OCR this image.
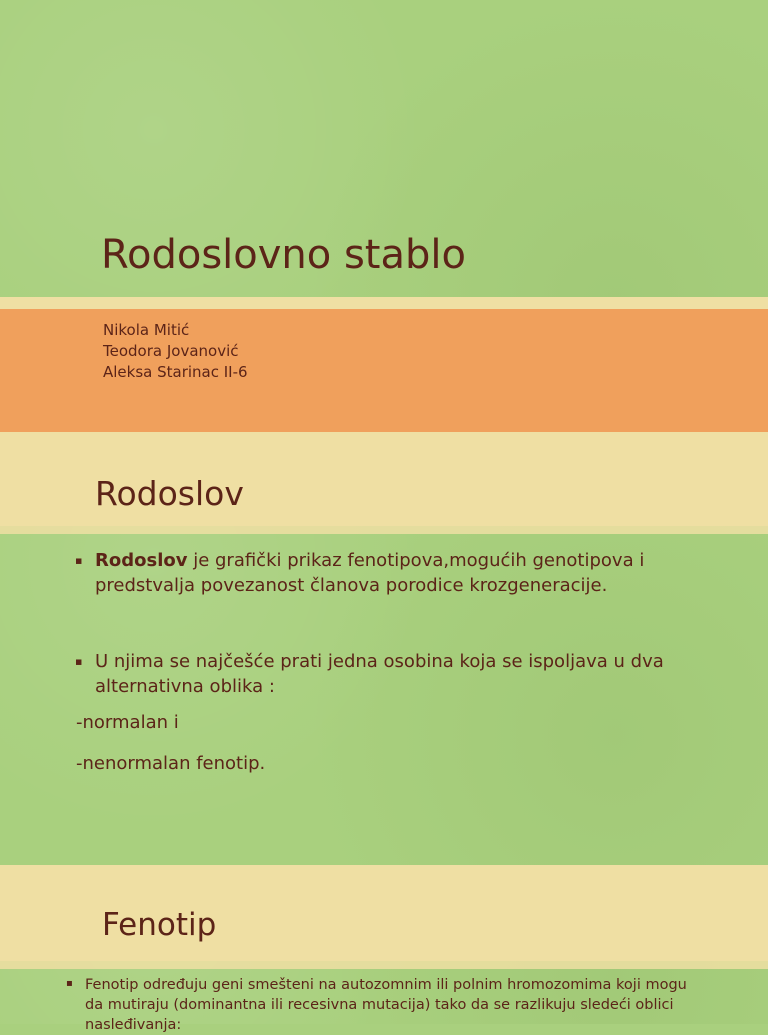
Rodoslovno stablo
Nikola Mitić
Teodora Jovanović
Aleksa Starinac II-6
Rodoslov
▪ Rodoslov je grafički prikaz fenotipova,mogućih genotipova i predstvalja povezanost članova porodice krozgeneracije.
▪ U njima se najčešće prati jedna osobina koja se ispoljava u dva alternativna oblika :
-normalan i
-nenormalan fenotip.
Fenotip
▪ Fenotip određuju geni smešteni na autozomnim ili polnim hromozomima koji mogu da mutiraju (dominantna ili recesivna mutacija) tako da se razlikuju sledeći oblici nasleđivanja:
